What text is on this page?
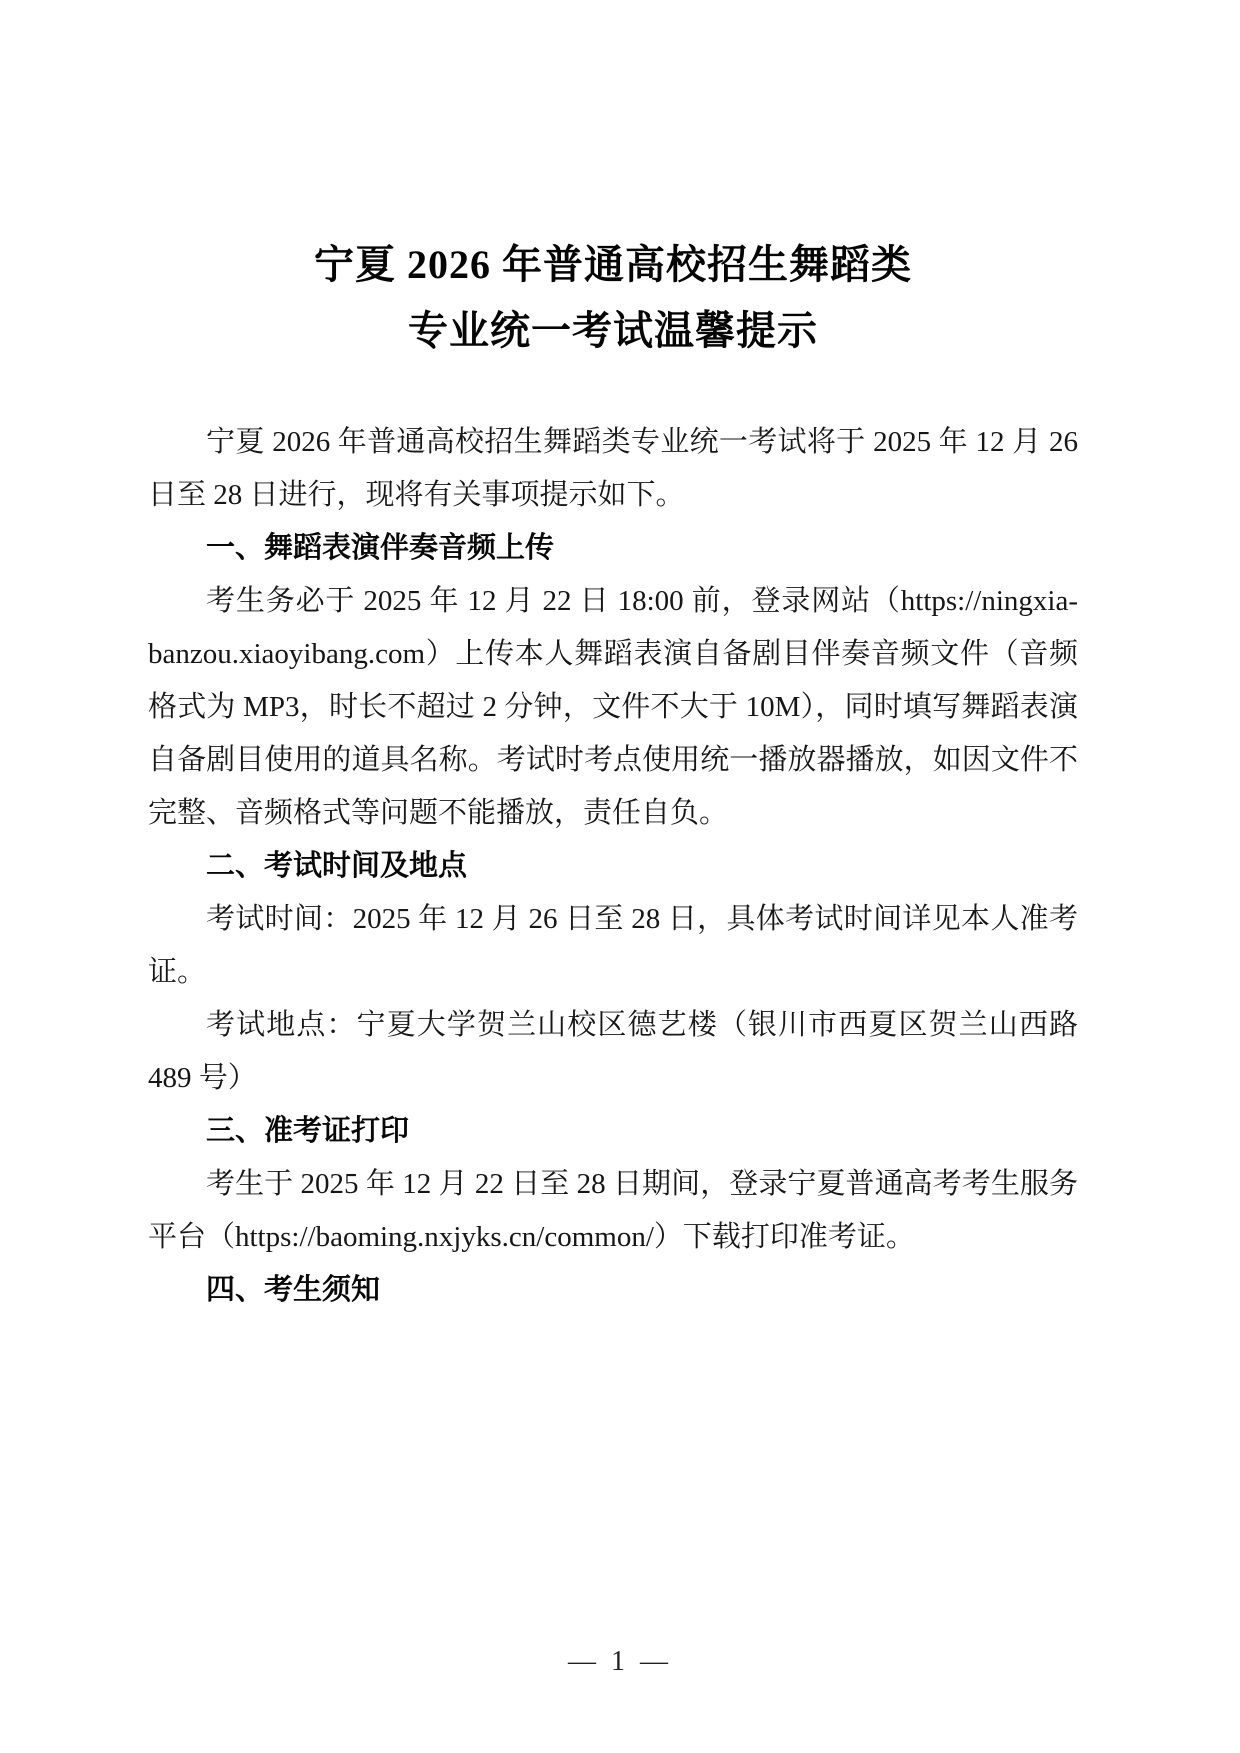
宁夏 2026 年普通高校招生舞蹈类
专业统一考试温馨提示

宁夏 2026 年普通高校招生舞蹈类专业统一考试将于 2025 年 12 月 26 日至 28 日进行，现将有关事项提示如下。

一、舞蹈表演伴奏音频上传

考生务必于 2025 年 12 月 22 日 18:00 前，登录网站（https://ningxia-banzou.xiaoyibang.com）上传本人舞蹈表演自备剧目伴奏音频文件（音频格式为 MP3，时长不超过 2 分钟，文件不大于 10M），同时填写舞蹈表演自备剧目使用的道具名称。考试时考点使用统一播放器播放，如因文件不完整、音频格式等问题不能播放，责任自负。

二、考试时间及地点

考试时间：2025 年 12 月 26 日至 28 日，具体考试时间详见本人准考证。

考试地点：宁夏大学贺兰山校区德艺楼（银川市西夏区贺兰山西路 489 号）

三、准考证打印

考生于 2025 年 12 月 22 日至 28 日期间，登录宁夏普通高考考生服务平台（https://baoming.nxjyks.cn/common/）下载打印准考证。

四、考生须知

— 1 —
